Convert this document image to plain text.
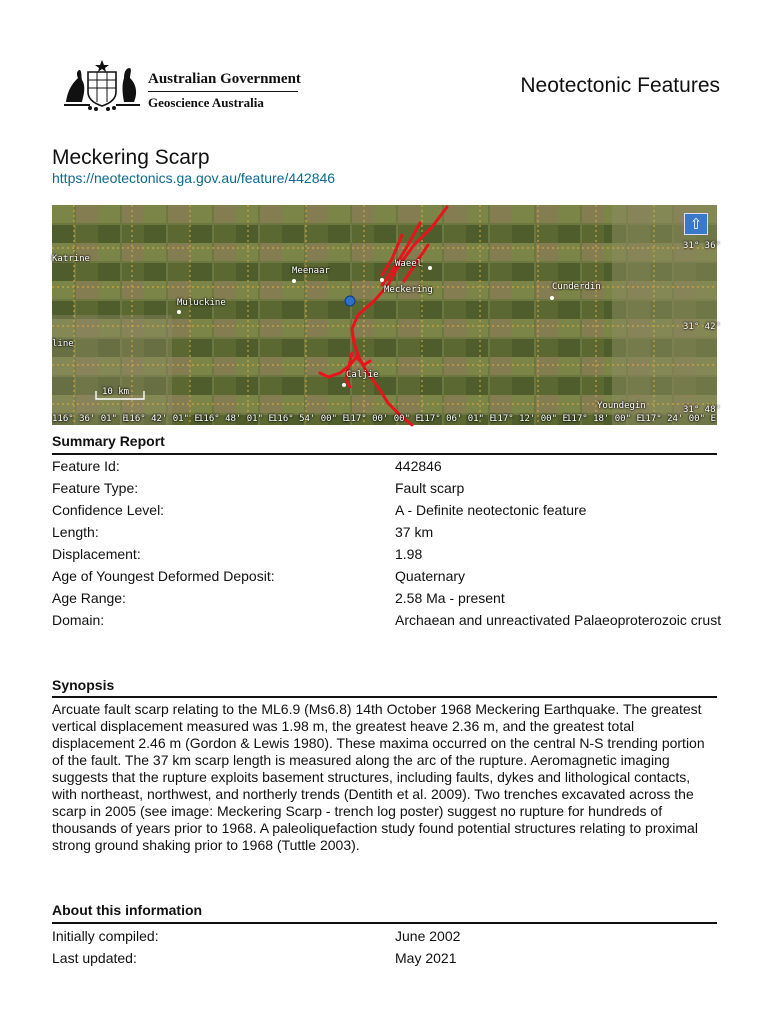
Australian Government
Geoscience Australia
Neotectonic Features
Meckering Scarp
https://neotectonics.ga.gov.au/feature/442846
Katrine
Meenaar
Waeel
Meckering	Cunderdin
Muluckine
line
Caljie
Youndegin
31° 36'
31° 42'
31° 48'
116° 36' 01" E
116° 42' 01" E
116° 48' 01" E
116° 54' 00" E
117° 00' 00" E
117° 06' 01" E
117° 12' 00" E
117° 18' 00" E
117° 24' 00" E
10 km
⇧
Summary Report
Feature Id:	442846
Feature Type:	Fault scarp
Confidence Level:	A - Definite neotectonic feature
Length:	37 km
Displacement:	1.98
Age of Youngest Deformed Deposit:	Quaternary
Age Range:	2.58 Ma - present
Domain:	Archaean and unreactivated Palaeoproterozoic crust
Synopsis
Arcuate fault scarp relating to the ML6.9 (Ms6.8) 14th October 1968 Meckering Earthquake. The greatest vertical displacement measured was 1.98 m, the greatest heave 2.36 m, and the greatest total displacement 2.46 m (Gordon & Lewis 1980). These maxima occurred on the central N-S trending portion of the fault. The 37 km scarp length is measured along the arc of the rupture. Aeromagnetic imaging suggests that the rupture exploits basement structures, including faults, dykes and lithological contacts, with northeast, northwest, and northerly trends (Dentith et al. 2009). Two trenches excavated across the scarp in 2005 (see image: Meckering Scarp - trench log poster) suggest no rupture for hundreds of thousands of years prior to 1968. A paleoliquefaction study found potential structures relating to proximal strong ground shaking prior to 1968 (Tuttle 2003).
About this information
Initially compiled:	June 2002
Last updated:	May 2021
